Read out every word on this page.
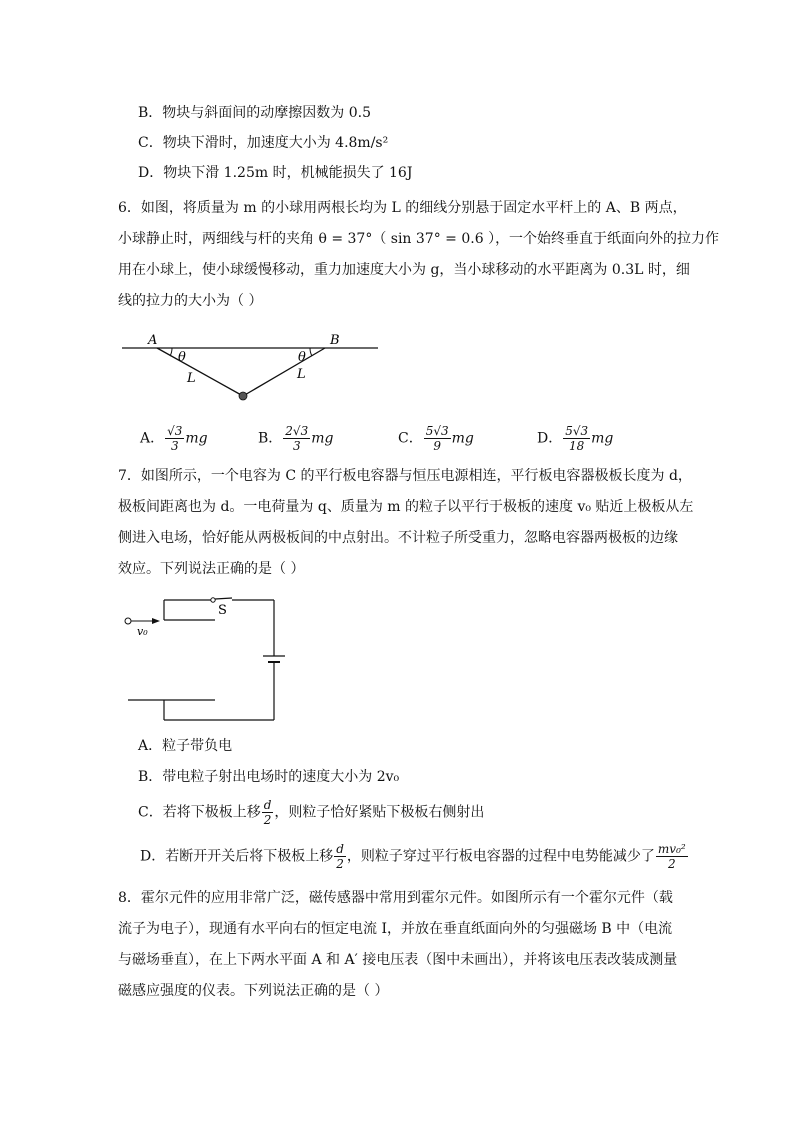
B．物块与斜面间的动摩擦因数为 0.5
C．物块下滑时，加速度大小为 4.8m/s²
D．物块下滑 1.25m 时，机械能损失了 16J
6．如图，将质量为 m 的小球用两根长均为 L 的细线分别悬于固定水平杆上的 A、B 两点，
小球静止时，两细线与杆的夹角 θ = 37°（ sin 37° = 0.6 ），一个始终垂直于纸面向外的拉力作
用在小球上，使小球缓慢移动，重力加速度大小为 g，当小球移动的水平距离为 0.3L 时，细
线的拉力的大小为（ ）
A	B
θ	θ
L	L
A． $\frac{√3}{3}$ mg	B． $\frac{2√3}{3}$ mg	C． $\frac{5√3}{9}$ mg	D． $\frac{5√3}{18}$ mg
7．如图所示，一个电容为 C 的平行板电容器与恒压电源相连，平行板电容器极板长度为 d，
极板间距离也为 d。一电荷量为 q、质量为 m 的粒子以平行于极板的速度 v₀ 贴近上极板从左
侧进入电场，恰好能从两极板间的中点射出。不计粒子所受重力，忽略电容器两极板的边缘
效应。下列说法正确的是（ ）
S
v₀
A．粒子带负电
B．带电粒子射出电场时的速度大小为 2v₀
C．若将下极板上移 $\frac{d}{2}$ ，则粒子恰好紧贴下极板右侧射出
D．若断开开关后将下极板上移 $\frac{d}{2}$ ，则粒子穿过平行板电容器的过程中电势能减少了 $\frac{\text{mv₀²}}{2}$
8．霍尔元件的应用非常广泛，磁传感器中常用到霍尔元件。如图所示有一个霍尔元件（载
流子为电子），现通有水平向右的恒定电流 I，并放在垂直纸面向外的匀强磁场 B 中（电流
与磁场垂直），在上下两水平面 A 和 A′ 接电压表（图中未画出），并将该电压表改装成测量
磁感应强度的仪表。下列说法正确的是（ ）
